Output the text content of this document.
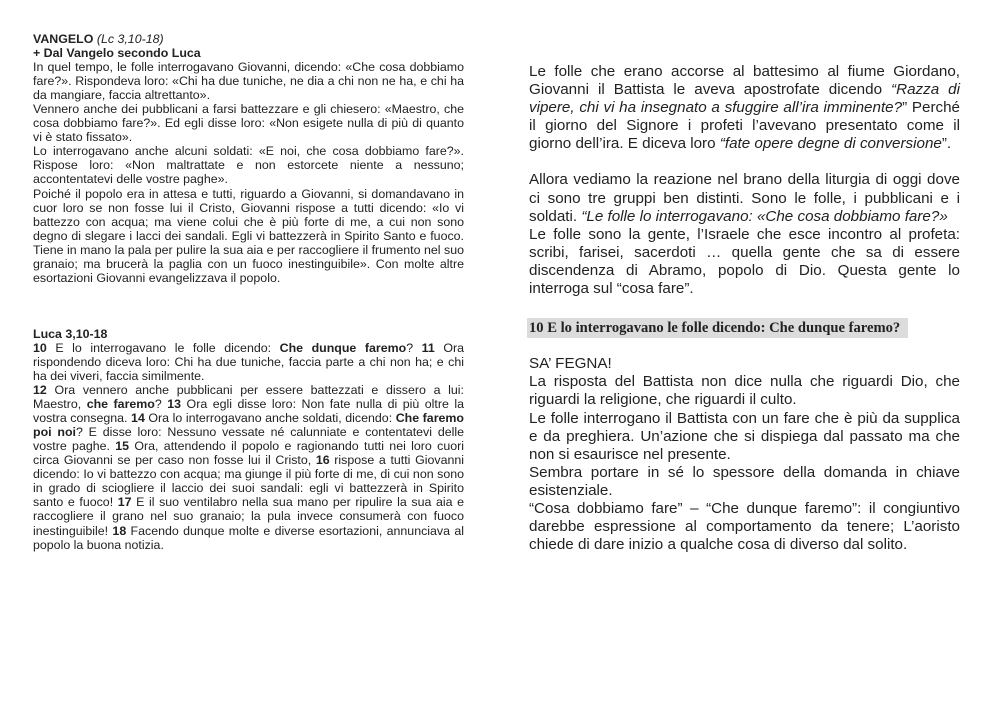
VANGELO (Lc 3,10-18)
+ Dal Vangelo secondo Luca

In quel tempo, le folle interrogavano Giovanni, dicendo: «Che cosa dobbiamo fare?». Rispondeva loro: «Chi ha due tuniche, ne dia a chi non ne ha, e chi ha da mangiare, faccia altrettanto».

Vennero anche dei pubblicani a farsi battezzare e gli chiesero: «Maestro, che cosa dobbiamo fare?». Ed egli disse loro: «Non esigete nulla di più di quanto vi è stato fissato».

Lo interrogavano anche alcuni soldati: «E noi, che cosa dobbiamo fare?». Rispose loro: «Non maltrattate e non estorcete niente a nessuno; accontentatevi delle vostre paghe».

Poiché il popolo era in attesa e tutti, riguardo a Giovanni, si domandavano in cuor loro se non fosse lui il Cristo, Giovanni rispose a tutti dicendo: «Io vi battezzo con acqua; ma viene colui che è più forte di me, a cui non sono degno di slegare i lacci dei sandali. Egli vi battezzerà in Spirito Santo e fuoco. Tiene in mano la pala per pulire la sua aia e per raccogliere il frumento nel suo granaio; ma brucerà la paglia con un fuoco inestinguibile». Con molte altre esortazioni Giovanni evangelizzava il popolo.

Luca 3,10-18

10 E lo interrogavano le folle dicendo: Che dunque faremo? 11 Ora rispondendo diceva loro: Chi ha due tuniche, faccia parte a chi non ha; e chi ha dei viveri, faccia similmente.
12 Ora vennero anche pubblicani per essere battezzati e dissero a lui: Maestro, che faremo? 13 Ora egli disse loro: Non fate nulla di più oltre la vostra consegna. 14 Ora lo interrogavano anche soldati, dicendo: Che faremo poi noi? E disse loro: Nessuno vessate né calunniate e contentatevi delle vostre paghe. 15 Ora, attendendo il popolo e ragionando tutti nei loro cuori circa Giovanni se per caso non fosse lui il Cristo, 16 rispose a tutti Giovanni dicendo: Io vi battezzo con acqua; ma giunge il più forte di me, di cui non sono in grado di sciogliere il laccio dei suoi sandali: egli vi battezzerà in Spirito santo e fuoco! 17 E il suo ventilabro nella sua mano per ripulire la sua aia e raccogliere il grano nel suo granaio; la pula invece consumerà con fuoco inestinguibile! 18 Facendo dunque molte e diverse esortazioni, annunciava al popolo la buona notizia.

Le folle che erano accorse al battesimo al fiume Giordano, Giovanni il Battista le aveva apostrofate dicendo “Razza di vipere, chi vi ha insegnato a sfuggire all’ira imminente?” Perché il giorno del Signore i profeti l’avevano presentato come il giorno dell’ira. E diceva loro “fate opere degne di conversione”.

Allora vediamo la reazione nel brano della liturgia di oggi dove ci sono tre gruppi ben distinti. Sono le folle, i pubblicani e i soldati. “Le folle lo interrogavano: «Che cosa dobbiamo fare?»

Le folle sono la gente, l’Israele che esce incontro al profeta: scribi, farisei, sacerdoti … quella gente che sa di essere discendenza di Abramo, popolo di Dio. Questa gente lo interroga sul “cosa fare”.

10 E lo interrogavano le folle dicendo: Che dunque faremo?

SA’ FEGNA!

La risposta del Battista non dice nulla che riguardi Dio, che riguardi la religione, che riguardi il culto.

Le folle interrogano il Battista con un fare che è più da supplica e da preghiera. Un’azione che si dispiega dal passato ma che non si esaurisce nel presente.

Sembra portare in sé lo spessore della domanda in chiave esistenziale.

“Cosa dobbiamo fare” – “Che dunque faremo”: il congiuntivo darebbe espressione al comportamento da tenere; L’aoristo chiede di dare inizio a qualche cosa di diverso dal solito.
